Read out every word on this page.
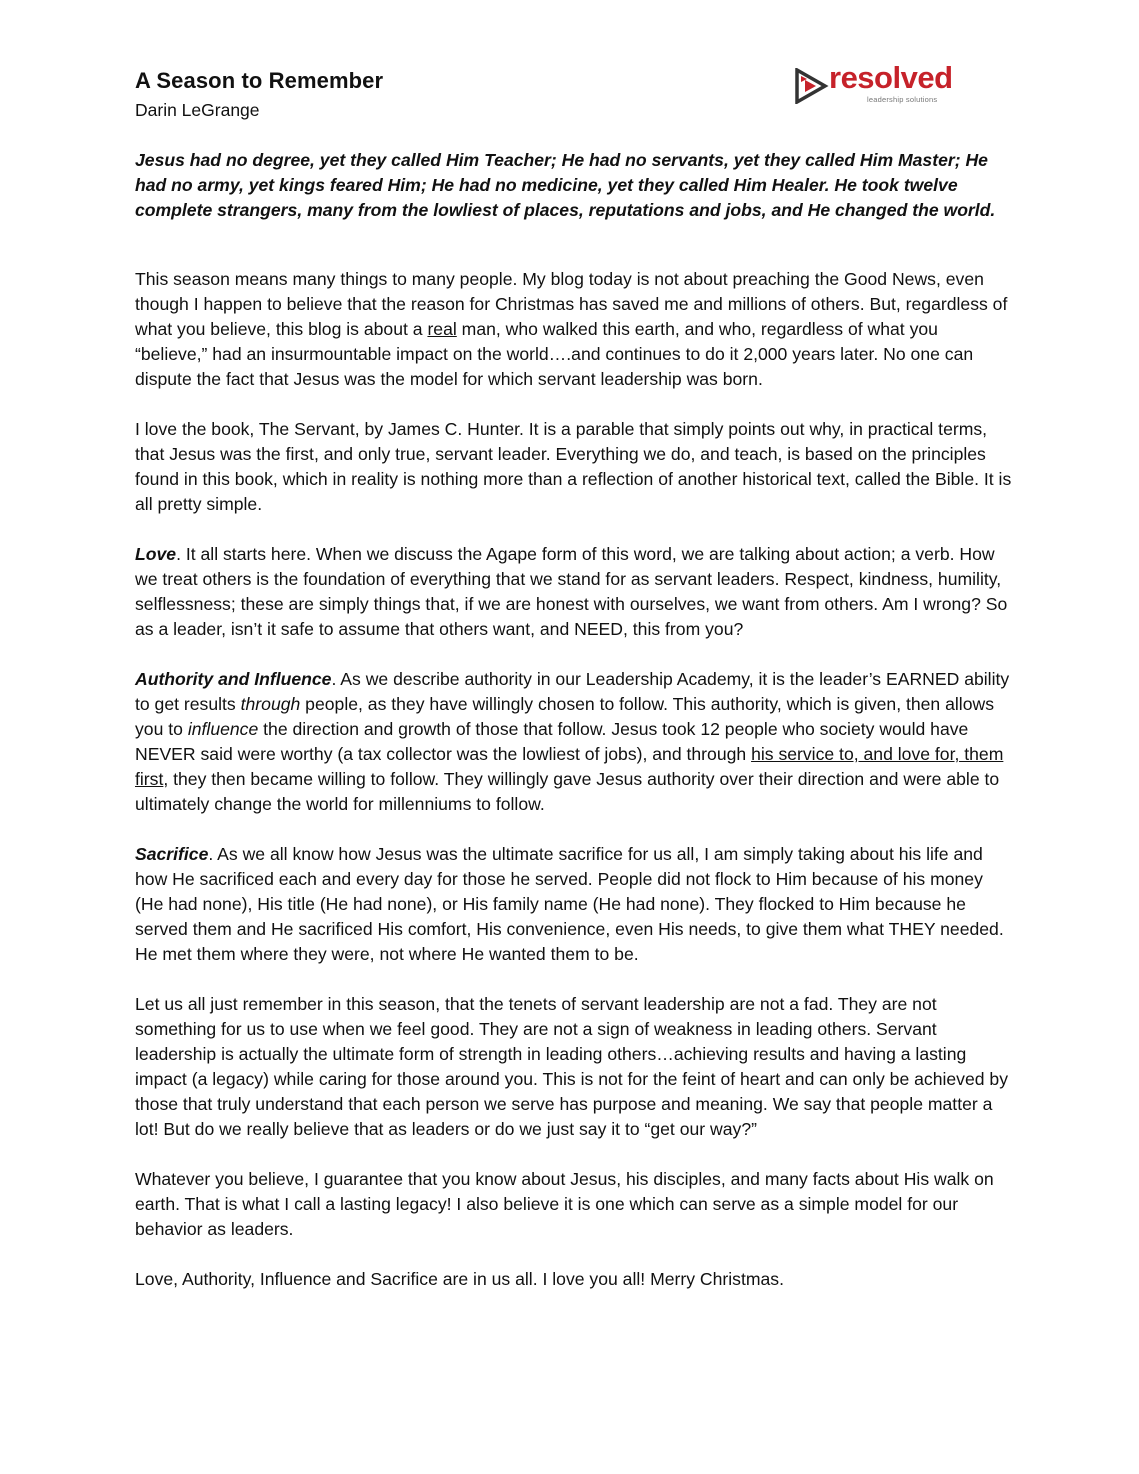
A Season to Remember
Darin LeGrange
resolved
leadership solutions

Jesus had no degree, yet they called Him Teacher; He had no servants, yet they called Him Master; He had no army, yet kings feared Him; He had no medicine, yet they called Him Healer. He took twelve complete strangers, many from the lowliest of places, reputations and jobs, and He changed the world.

This season means many things to many people. My blog today is not about preaching the Good News, even though I happen to believe that the reason for Christmas has saved me and millions of others. But, regardless of what you believe, this blog is about a real man, who walked this earth, and who, regardless of what you “believe,” had an insurmountable impact on the world….and continues to do it 2,000 years later. No one can dispute the fact that Jesus was the model for which servant leadership was born.

I love the book, The Servant, by James C. Hunter. It is a parable that simply points out why, in practical terms, that Jesus was the first, and only true, servant leader. Everything we do, and teach, is based on the principles found in this book, which in reality is nothing more than a reflection of another historical text, called the Bible. It is all pretty simple.

Love. It all starts here. When we discuss the Agape form of this word, we are talking about action; a verb. How we treat others is the foundation of everything that we stand for as servant leaders. Respect, kindness, humility, selflessness; these are simply things that, if we are honest with ourselves, we want from others. Am I wrong? So as a leader, isn’t it safe to assume that others want, and NEED, this from you?

Authority and Influence. As we describe authority in our Leadership Academy, it is the leader’s EARNED ability to get results through people, as they have willingly chosen to follow. This authority, which is given, then allows you to influence the direction and growth of those that follow. Jesus took 12 people who society would have NEVER said were worthy (a tax collector was the lowliest of jobs), and through his service to, and love for, them first, they then became willing to follow. They willingly gave Jesus authority over their direction and were able to ultimately change the world for millenniums to follow.

Sacrifice. As we all know how Jesus was the ultimate sacrifice for us all, I am simply taking about his life and how He sacrificed each and every day for those he served. People did not flock to Him because of his money (He had none), His title (He had none), or His family name (He had none). They flocked to Him because he served them and He sacrificed His comfort, His convenience, even His needs, to give them what THEY needed. He met them where they were, not where He wanted them to be.

Let us all just remember in this season, that the tenets of servant leadership are not a fad. They are not something for us to use when we feel good. They are not a sign of weakness in leading others. Servant leadership is actually the ultimate form of strength in leading others…achieving results and having a lasting impact (a legacy) while caring for those around you. This is not for the feint of heart and can only be achieved by those that truly understand that each person we serve has purpose and meaning. We say that people matter a lot! But do we really believe that as leaders or do we just say it to “get our way?”

Whatever you believe, I guarantee that you know about Jesus, his disciples, and many facts about His walk on earth. That is what I call a lasting legacy! I also believe it is one which can serve as a simple model for our behavior as leaders.

Love, Authority, Influence and Sacrifice are in us all. I love you all! Merry Christmas.
